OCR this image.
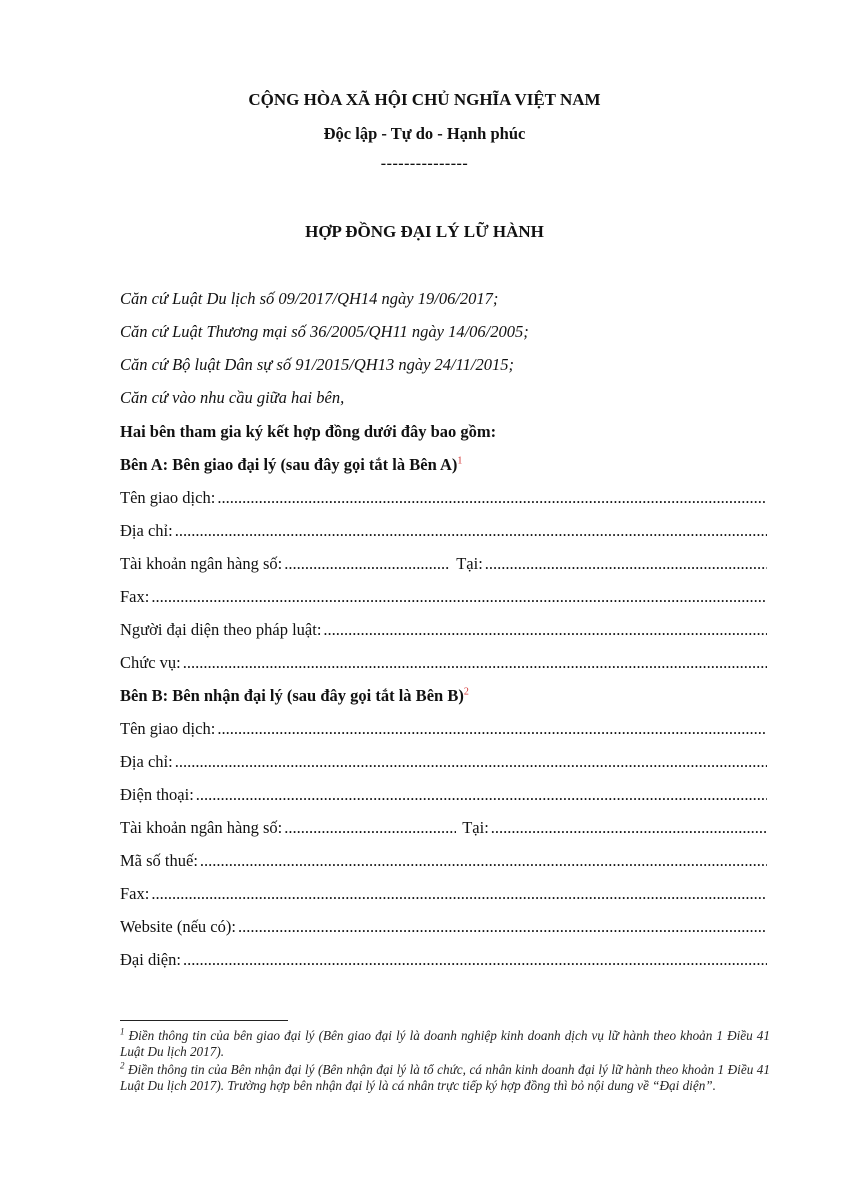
CỘNG HÒA XÃ HỘI CHỦ NGHĨA VIỆT NAM
Độc lập - Tự do - Hạnh phúc
---------------
HỢP ĐỒNG ĐẠI LÝ LỮ HÀNH
Căn cứ Luật Du lịch số 09/2017/QH14 ngày 19/06/2017;
Căn cứ Luật Thương mại số 36/2005/QH11 ngày 14/06/2005;
Căn cứ Bộ luật Dân sự số 91/2015/QH13 ngày 24/11/2015;
Căn cứ vào nhu cầu giữa hai bên,
Hai bên tham gia ký kết hợp đồng dưới đây bao gồm:
Bên A: Bên giao đại lý (sau đây gọi tắt là Bên A)$^1$
Tên giao dịch:
.....
Địa chỉ:
.....
Tài khoản ngân hàng số: .....	Tại:
.....
Fax:
.....
Người đại diện theo pháp luật:
.....
Chức vụ:
.....
Bên B: Bên nhận đại lý (sau đây gọi tắt là Bên B)$^2$
Tên giao dịch:
.....
Địa chỉ:
.....
Điện thoại:
.....
Tài khoản ngân hàng số: .....	Tại:
.....
Mã số thuế:
.....
Fax:
.....
Website (nếu có):
.....
Đại diện:
.....
$^1$ Điền thông tin của bên giao đại lý (Bên giao đại lý là doanh nghiệp kinh doanh dịch vụ lữ hành theo khoản 1 Điều 41 Luật Du lịch 2017).
$^2$ Điền thông tin của Bên nhận đại lý (Bên nhận đại lý là tổ chức, cá nhân kinh doanh đại lý lữ hành theo khoản 1 Điều 41 Luật Du lịch 2017). Trường hợp bên nhận đại lý là cá nhân trực tiếp ký hợp đồng thì bỏ nội dung về “Đại diện”.
